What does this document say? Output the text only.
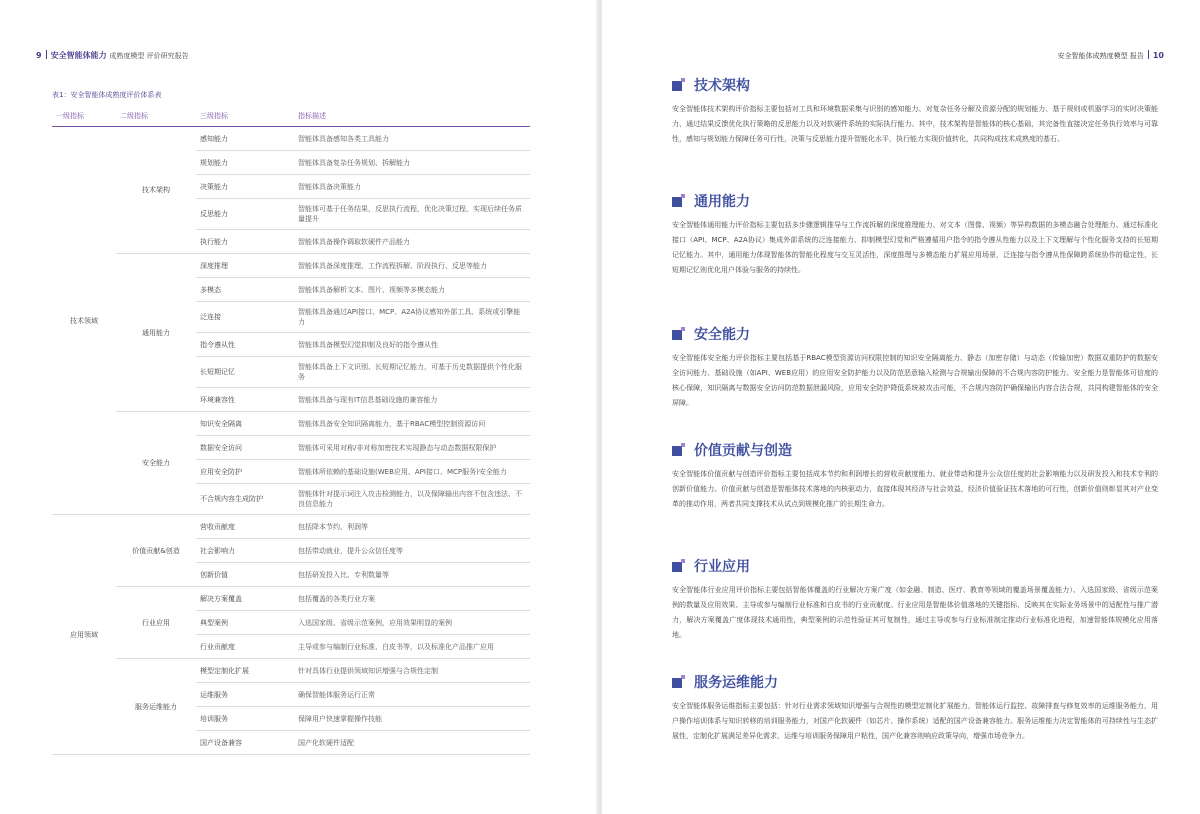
9 安全智能体能力 成熟度模型 评价研究报告
表1：安全智能体成熟度评价体系表
一级指标	二级指标	三级指标	指标描述
技术领域	技术架构	感知能力	智能体具备感知各类工具能力
		规划能力	智能体具备复杂任务规划、拆解能力
		决策能力	智能体具备决策能力
		反思能力	智能体可基于任务结果，反思执行流程，优化决策过程，实现后续任务质量提升
		执行能力	智能体具备操作调取软硬件产品能力
	通用能力	深度推理	智能体具备深度推理、工作流程拆解、阶段执行、反思等能力
		多模态	智能体具备解析文本、图片、视频等多模态能力
		泛连接	智能体具备通过API接口、MCP、A2A协议感知外部工具、系统或引擎能力
		指令遵从性	智能体具备模型幻觉抑制及良好的指令遵从性
		长短期记忆	智能体具备上下文识别、长短期记忆能力，可基于历史数据提供个性化服务
		环境兼容性	智能体具备与现有IT信息基础设施的兼容能力
	安全能力	知识安全隔离	智能体具备安全知识隔离能力，基于RBAC模型控制资源访问
		数据安全访问	智能体可采用对称/非对称加密技术实现静态与动态数据权限保护
		应用安全防护	智能体所依赖的基础设施(WEB应用、API接口、MCP服务)安全能力
		不合规内容生成防护	智能体针对提示词注入攻击检测能力，以及保障输出内容不包含违法、不良信息能力
应用领域	价值贡献&创造	营收贡献度	包括降本节约、利润等
		社会影响力	包括带动就业，提升公众信任度等
		创新价值	包括研发投入比、专利数量等
	行业应用	解决方案覆盖	包括覆盖的各类行业方案
		典型案例	入选国家级、省级示范案例，应用效果明显的案例
		行业贡献度	主导或参与编制行业标准、白皮书等，以及标准化产品推广应用
	服务运维能力	模型定制化扩展	针对具体行业提供领域知识增强与合规性定制
		运维服务	确保智能体服务运行正常
		培训服务	保障用户快速掌握操作技能
		国产设备兼容	国产化软硬件适配
安全智能体成熟度模型 报告 10
技术架构
安全智能体技术架构评价指标主要包括对工具和环境数据采集与识别的感知能力、对复杂任务分解及资源分配的规划能力、基于规则或机器学习的实时决策能力、通过结果反馈优化执行策略的反思能力以及对软硬件系统的实际执行能力。其中，技术架构是智能体的核心基础，其完备性直接决定任务执行效率与可靠性，感知与规划能力保障任务可行性，决策与反思能力提升智能化水平，执行能力实现价值转化，共同构成技术成熟度的基石。
通用能力
安全智能体通用能力评价指标主要包括多步骤逻辑推导与工作流拆解的深度推理能力、对文本（图像、视频）等异构数据的多模态融合处理能力、通过标准化接口（API、MCP、A2A协议）集成外部系统的泛连接能力、抑制模型幻觉和严格遵循用户指令的指令遵从性能力以及上下文理解与个性化服务支持的长短期记忆能力。其中，通用能力体现智能体的智能化程度与交互灵活性，深度推理与多模态能力扩展应用场景，泛连接与指令遵从性保障跨系统协作的稳定性，长短期记忆则优化用户体验与服务的持续性。
安全能力
安全智能体安全能力评价指标主要包括基于RBAC模型资源访问权限控制的知识安全隔离能力、静态（加密存储）与动态（传输加密）数据双重防护的数据安全访问能力、基础设施（如API、WEB应用）的应用安全防护能力以及防范恶意输入检测与合规输出保障的不合规内容防护能力。安全能力是智能体可信度的核心保障，知识隔离与数据安全访问防范数据泄漏风险，应用安全防护降低系统被攻击可能，不合规内容防护确保输出内容合法合规，共同构建智能体的安全屏障。
价值贡献与创造
安全智能体价值贡献与创造评价指标主要包括成本节约和利润增长的营收贡献度能力、就业带动和提升公众信任度的社会影响能力以及研发投入和技术专利的创新价值能力。价值贡献与创造是智能体技术落地的内核驱动力，直接体现其经济与社会效益，经济价值验证技术落地的可行性，创新价值则彰显其对产业变革的推动作用，两者共同支撑技术从试点到规模化推广的长期生命力。
行业应用
安全智能体行业应用评价指标主要包括智能体覆盖的行业解决方案广度（如金融、制造、医疗、教育等领域的覆盖场景覆盖能力）、入选国家级、省级示范案例的数量及应用效果、主导或参与编制行业标准和白皮书的行业贡献度。行业应用是智能体价值落地的关键指标，反映其在实际业务场景中的适配性与推广潜力，解决方案覆盖广度体现技术通用性，典型案例的示范性验证其可复制性，通过主导或参与行业标准制定推动行业标准化进程，加速智能体规模化应用落地。
服务运维能力
安全智能体服务运维指标主要包括：针对行业需求领域知识增强与合规性的模型定制化扩展能力，智能体运行监控、故障排查与修复效率的运维服务能力，用户操作培训体系与知识转移的培训服务能力，对国产化软硬件（如芯片、操作系统）适配的国产设备兼容能力。服务运维能力决定智能体的可持续性与生态扩展性，定制化扩展满足差异化需求，运维与培训服务保障用户粘性，国产化兼容则响应政策导向，增强市场竞争力。
